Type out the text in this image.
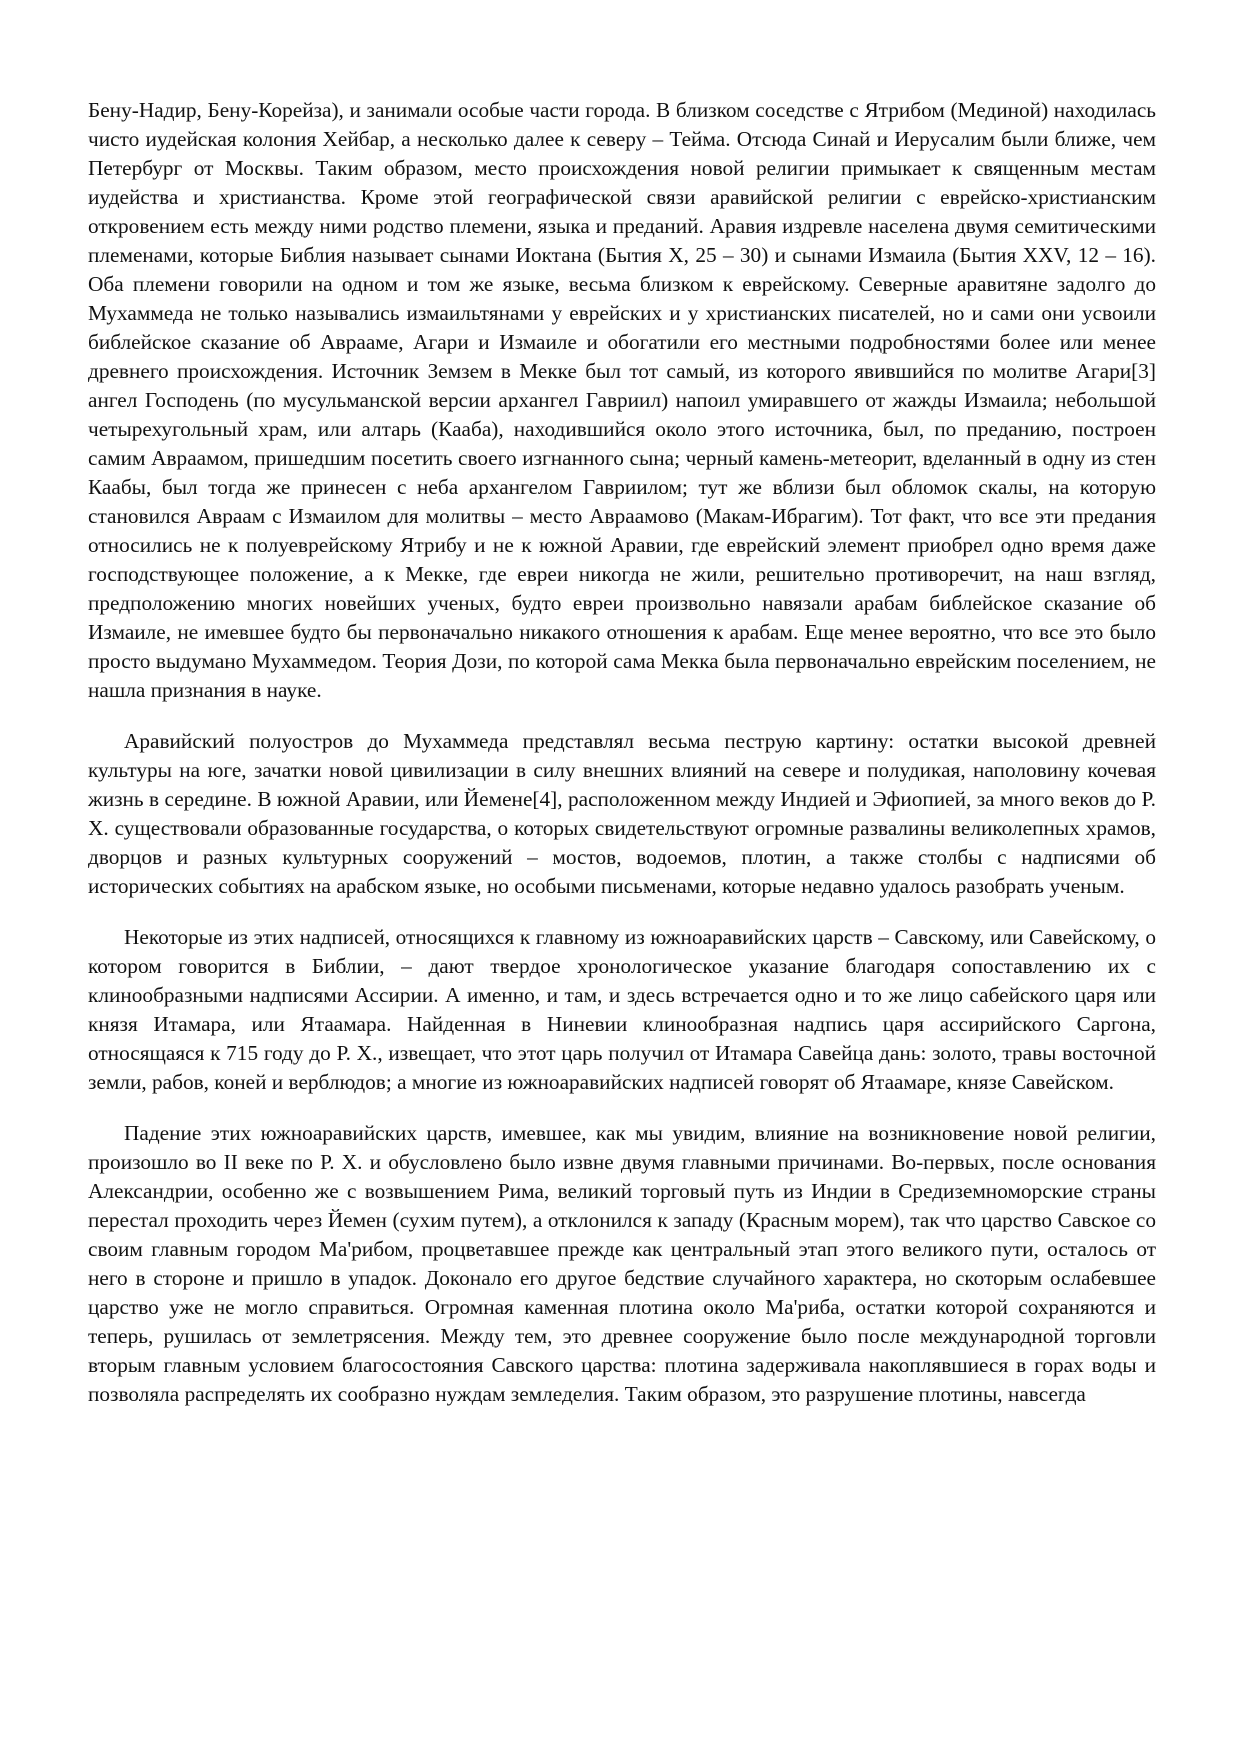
Бену-Надир, Бену-Корейза), и занимали особые части города. В близком соседстве с Ятрибом (Мединой) находилась чисто иудейская колония Хейбар, а несколько далее к северу – Тейма. Отсюда Синай и Иерусалим были ближе, чем Петербург от Москвы. Таким образом, место происхождения новой религии примыкает к священным местам иудейства и христианства. Кроме этой географической связи аравийской религии с еврейско-христианским откровением есть между ними родство племени, языка и преданий. Аравия издревле населена двумя семитическими племенами, которые Библия называет сынами Иоктана (Бытия X, 25 – 30) и сынами Измаила (Бытия XXV, 12 – 16). Оба племени говорили на одном и том же языке, весьма близком к еврейскому. Северные аравитяне задолго до Мухаммеда не только назывались измаильтянами у еврейских и у христианских писателей, но и сами они усвоили библейское сказание об Аврааме, Агари и Измаиле и обогатили его местными подробностями более или менее древнего происхождения. Источник Земзем в Мекке был тот самый, из которого явившийся по молитве Агари[3] ангел Господень (по мусульманской версии архангел Гавриил) напоил умиравшего от жажды Измаила; небольшой четырехугольный храм, или алтарь (Кааба), находившийся около этого источника, был, по преданию, построен самим Авраамом, пришедшим посетить своего изгнанного сына; черный камень-метеорит, вделанный в одну из стен Каабы, был тогда же принесен с неба архангелом Гавриилом; тут же вблизи был обломок скалы, на которую становился Авраам с Измаилом для молитвы – место Авраамово (Макам-Ибрагим). Тот факт, что все эти предания относились не к полуеврейскому Ятрибу и не к южной Аравии, где еврейский элемент приобрел одно время даже господствующее положение, а к Мекке, где евреи никогда не жили, решительно противоречит, на наш взгляд, предположению многих новейших ученых, будто евреи произвольно навязали арабам библейское сказание об Измаиле, не имевшее будто бы первоначально никакого отношения к арабам. Еще менее вероятно, что все это было просто выдумано Мухаммедом. Теория Дози, по которой сама Мекка была первоначально еврейским поселением, не нашла признания в науке.

Аравийский полуостров до Мухаммеда представлял весьма пеструю картину: остатки высокой древней культуры на юге, зачатки новой цивилизации в силу внешних влияний на севере и полудикая, наполовину кочевая жизнь в середине. В южной Аравии, или Йемене[4], расположенном между Индией и Эфиопией, за много веков до Р. Х. существовали образованные государства, о которых свидетельствуют огромные развалины великолепных храмов, дворцов и разных культурных сооружений – мостов, водоемов, плотин, а также столбы с надписями об исторических событиях на арабском языке, но особыми письменами, которые недавно удалось разобрать ученым.

Некоторые из этих надписей, относящихся к главному из южноаравийских царств – Савскому, или Савейскому, о котором говорится в Библии, – дают твердое хронологическое указание благодаря сопоставлению их с клинообразными надписями Ассирии. А именно, и там, и здесь встречается одно и то же лицо сабейского царя или князя Итамара, или Ятаамара. Найденная в Ниневии клинообразная надпись царя ассирийского Саргона, относящаяся к 715 году до Р. Х., извещает, что этот царь получил от Итамара Савейца дань: золото, травы восточной земли, рабов, коней и верблюдов; а многие из южноаравийских надписей говорят об Ятаамаре, князе Савейском.

Падение этих южноаравийских царств, имевшее, как мы увидим, влияние на возникновение новой религии, произошло во II веке по Р. Х. и обусловлено было извне двумя главными причинами. Во-первых, после основания Александрии, особенно же с возвышением Рима, великий торговый путь из Индии в Средиземноморские страны перестал проходить через Йемен (сухим путем), а отклонился к западу (Красным морем), так что царство Савское со своим главным городом Ма'рибом, процветавшее прежде как центральный этап этого великого пути, осталось от него в стороне и пришло в упадок. Доконало его другое бедствие случайного характера, но скоторым ослабевшее царство уже не могло справиться. Огромная каменная плотина около Ма'риба, остатки которой сохраняются и теперь, рушилась от землетрясения. Между тем, это древнее сооружение было после международной торговли вторым главным условием благосостояния Савского царства: плотина задерживала накоплявшиеся в горах воды и позволяла распределять их сообразно нуждам земледелия. Таким образом, это разрушение плотины, навсегда
